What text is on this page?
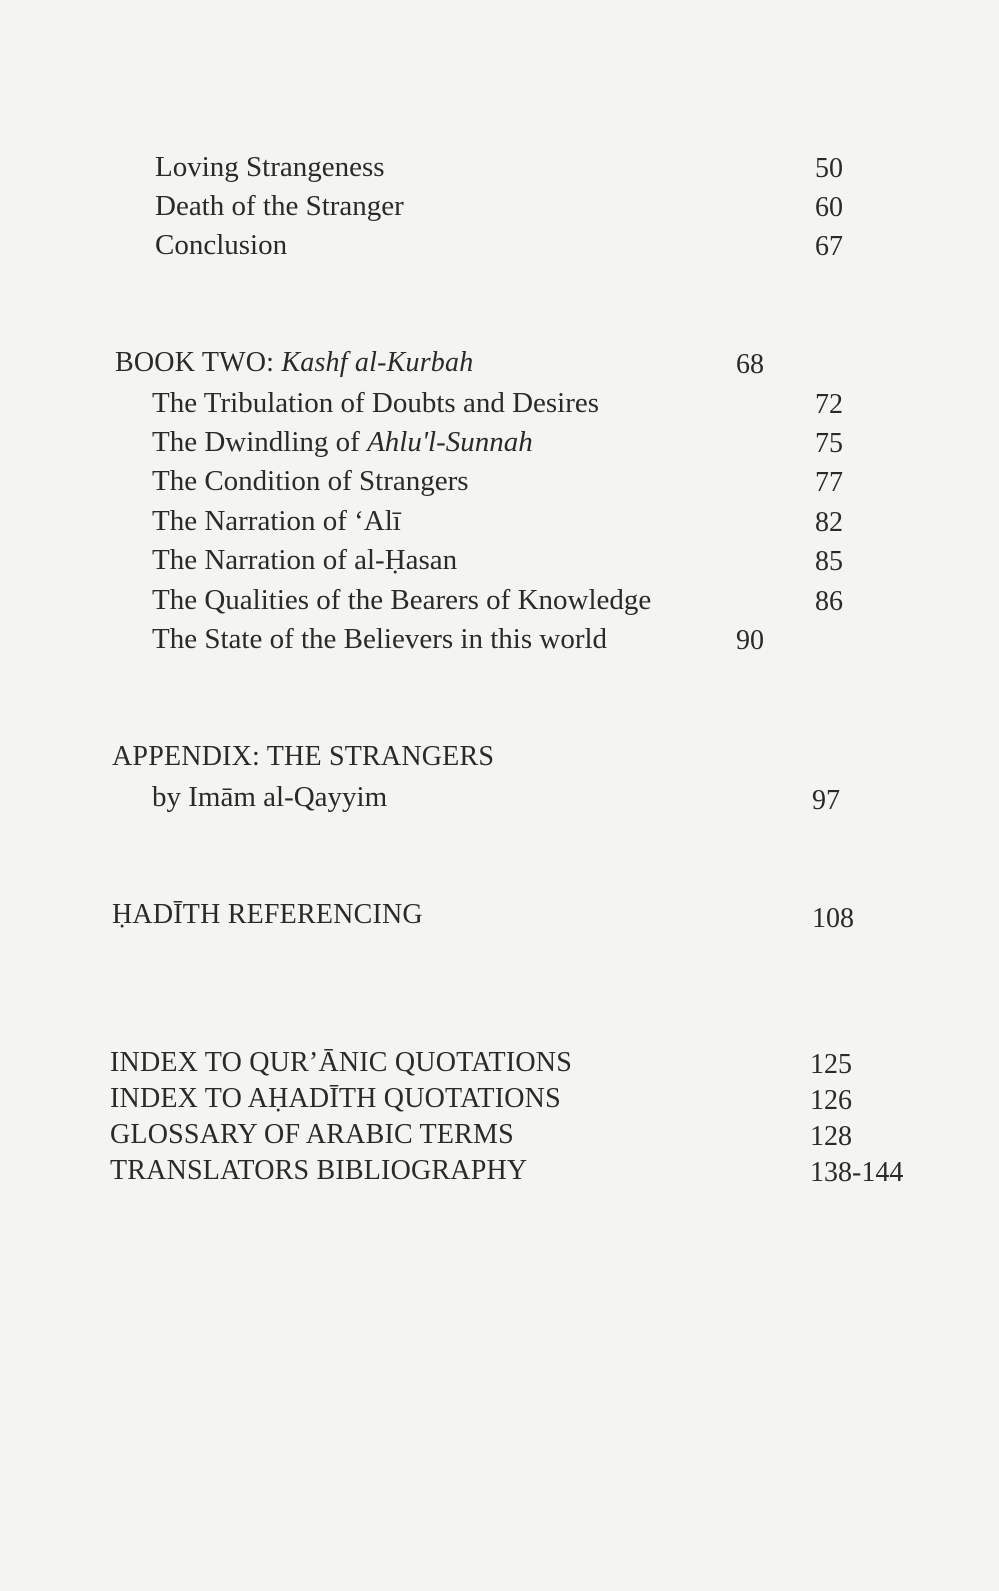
Loving Strangeness	50
Death of the Stranger	60
Conclusion	67
BOOK TWO: Kashf al-Kurbah	68
The Tribulation of Doubts and Desires	72
The Dwindling of Ahlu'l-Sunnah	75
The Condition of Strangers	77
The Narration of ‘Alī	82
The Narration of al-Ḥasan	85
The Qualities of the Bearers of Knowledge	86
The State of the Believers in this world	90
APPENDIX: THE STRANGERS
by Imām al-Qayyim	97
ḤADĪTH REFERENCING	108
INDEX TO QUR’ĀNIC QUOTATIONS	125
INDEX TO AḤADĪTH QUOTATIONS	126
GLOSSARY OF ARABIC TERMS	128
TRANSLATORS BIBLIOGRAPHY	138-144
